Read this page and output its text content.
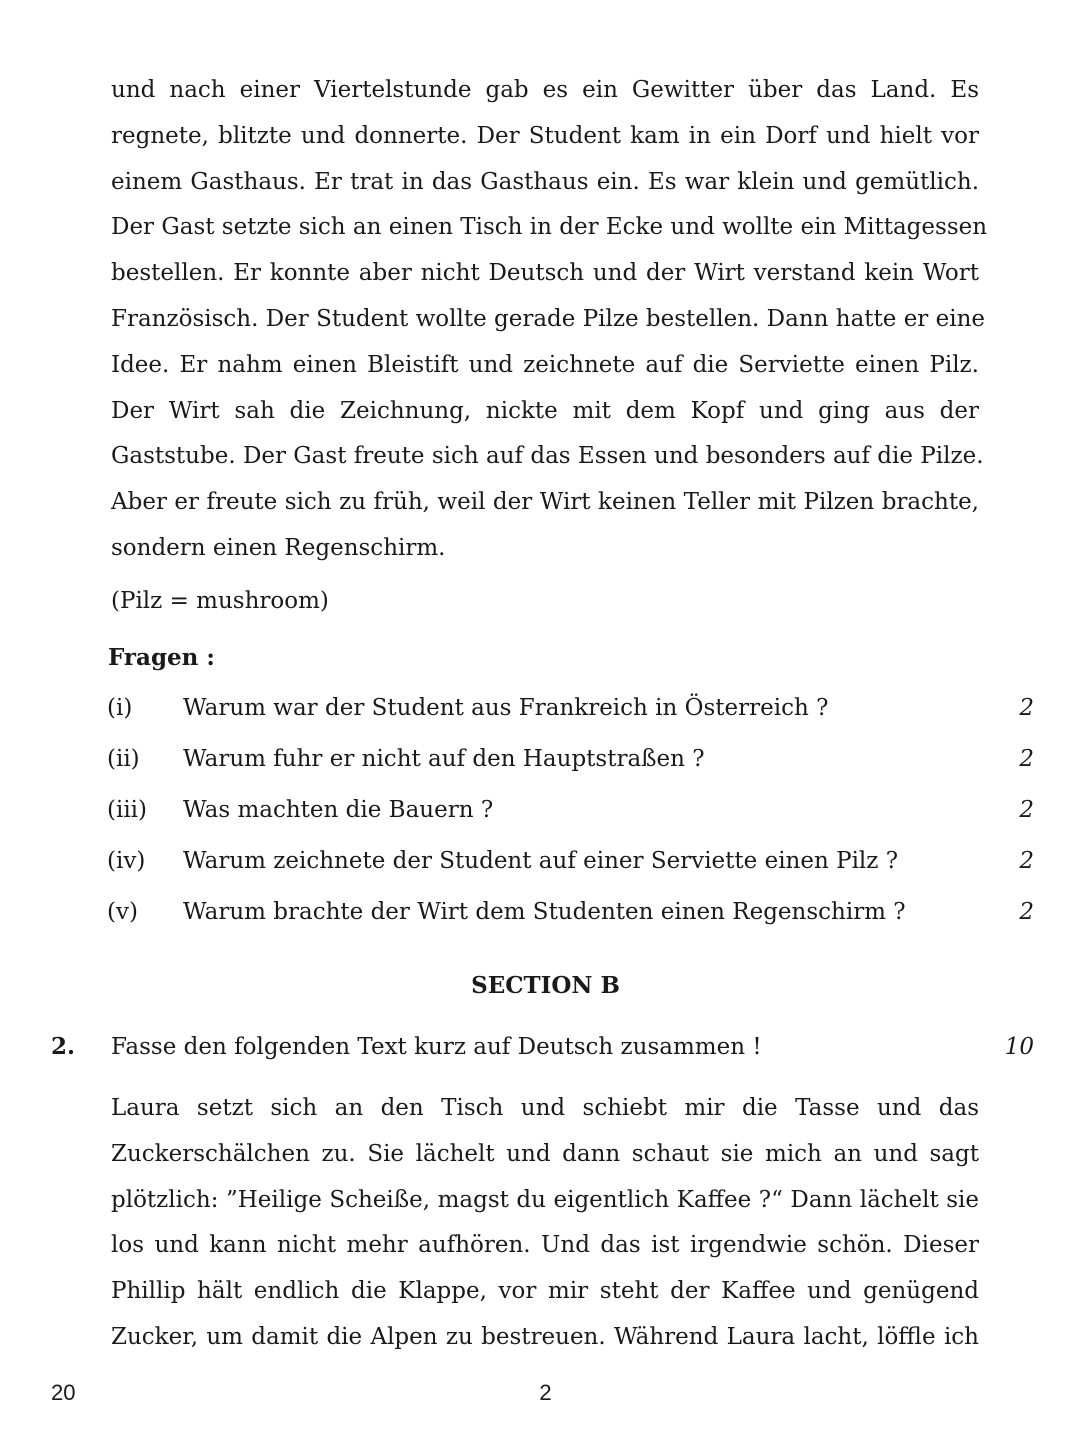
und nach einer Viertelstunde gab es ein Gewitter über das Land. Es
regnete, blitzte und donnerte. Der Student kam in ein Dorf und hielt vor
einem Gasthaus. Er trat in das Gasthaus ein. Es war klein und gemütlich.
Der Gast setzte sich an einen Tisch in der Ecke und wollte ein Mittagessen
bestellen. Er konnte aber nicht Deutsch und der Wirt verstand kein Wort
Französisch. Der Student wollte gerade Pilze bestellen. Dann hatte er eine
Idee. Er nahm einen Bleistift und zeichnete auf die Serviette einen Pilz.
Der Wirt sah die Zeichnung, nickte mit dem Kopf und ging aus der
Gaststube. Der Gast freute sich auf das Essen und besonders auf die Pilze.
Aber er freute sich zu früh, weil der Wirt keinen Teller mit Pilzen brachte,
sondern einen Regenschirm.
(Pilz = mushroom)
Fragen :
(i) Warum war der Student aus Frankreich in Österreich ?	2
(ii) Warum fuhr er nicht auf den Hauptstraßen ?	2
(iii) Was machten die Bauern ?	2
(iv) Warum zeichnete der Student auf einer Serviette einen Pilz ?	2
(v) Warum brachte der Wirt dem Studenten einen Regenschirm ?	2
SECTION B
2. Fasse den folgenden Text kurz auf Deutsch zusammen !	10
Laura setzt sich an den Tisch und schiebt mir die Tasse und das
Zuckerschälchen zu. Sie lächelt und dann schaut sie mich an und sagt
plötzlich: ”Heilige Scheiße, magst du eigentlich Kaffee ?“ Dann lächelt sie
los und kann nicht mehr aufhören. Und das ist irgendwie schön. Dieser
Phillip hält endlich die Klappe, vor mir steht der Kaffee und genügend
Zucker, um damit die Alpen zu bestreuen. Während Laura lacht, löffle ich
20	2
